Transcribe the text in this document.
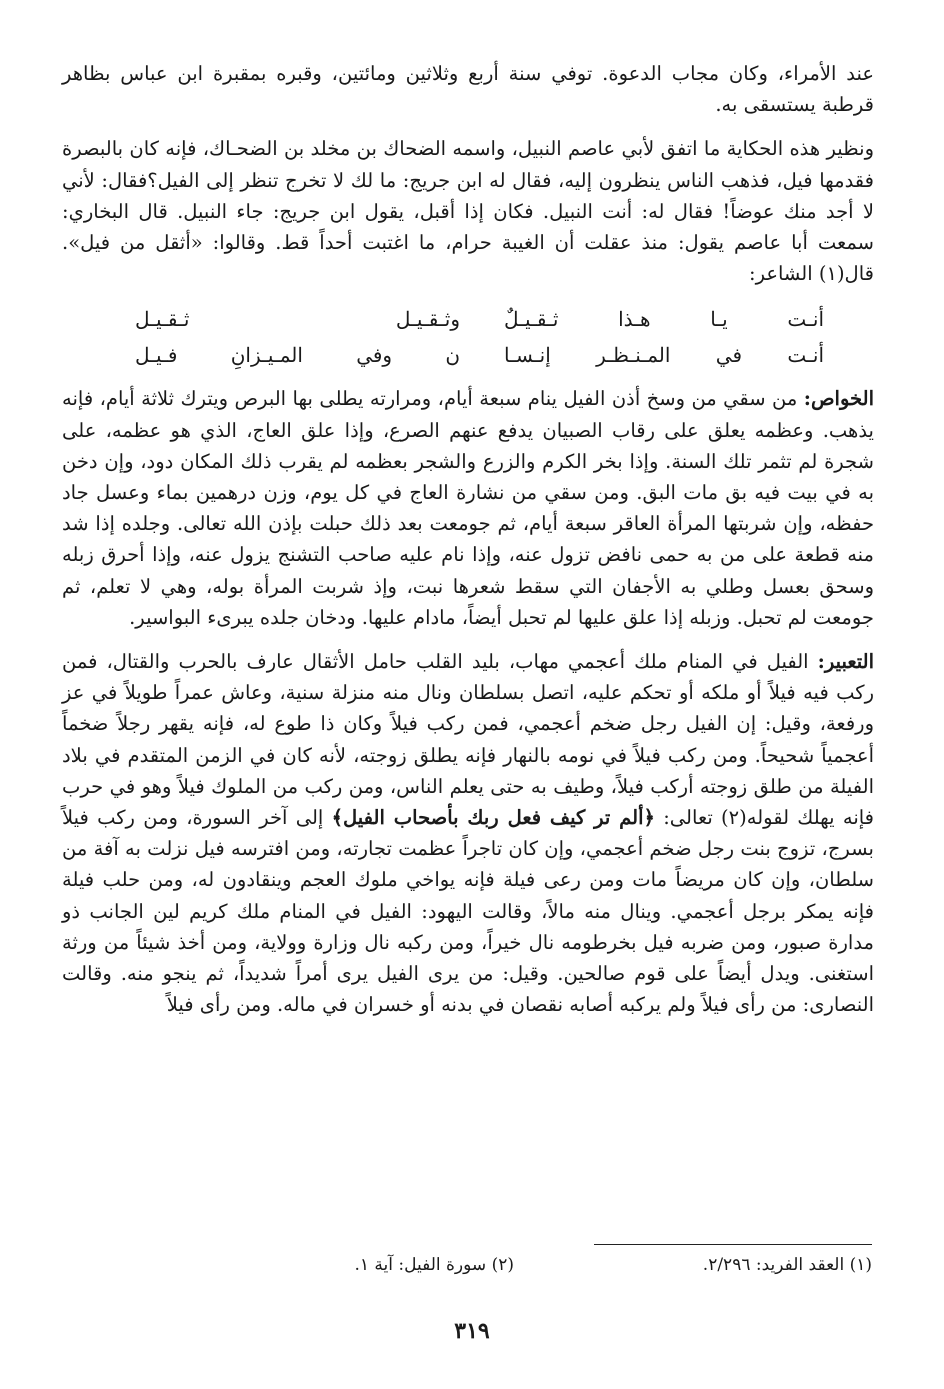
عند الأمراء، وكان مجاب الدعوة. توفي سنة أربع وثلاثين ومائتين، وقبره بمقبرة ابن عباس بظاهر قرطبة يستسقى به.

ونظير هذه الحكاية ما اتفق لأبي عاصم النبيل، واسمه الضحاك بن مخلد بن الضحـاك، فإنه كان بالبصرة فقدمها فيل، فذهب الناس ينظرون إليه، فقال له ابن جريج: ما لك لا تخرج تنظر إلى الفيل؟فقال: لأني لا أجد منك عوضاً! فقال له: أنت النبيل. فكان إذا أقبل، يقول ابن جريج: جاء النبيل. قال البخاري: سمعت أبا عاصم يقول: منذ عقلت أن الغيبة حرام، ما اغتبت أحداً قط. وقالوا: «أثقل من فيل». قال(١) الشاعر:

أنـت
يـا
هـذا
ثـقـيـلٌ
وثـقـيـل
ثـقـيـل
أنـت
في
المـنـظـر
إنـسـا
ن
وفي
المـيـزانِ
فـيـل

الخواص: من سقي من وسخ أذن الفيل ينام سبعة أيام، ومرارته يطلى بها البرص ويترك ثلاثة أيام، فإنه يذهب. وعظمه يعلق على رقاب الصبيان يدفع عنهم الصرع، وإذا علق العاج، الذي هو عظمه، على شجرة لم تثمر تلك السنة. وإذا بخر الكرم والزرع والشجر بعظمه لم يقرب ذلك المكان دود، وإن دخن به في بيت فيه بق مات البق. ومن سقي من نشارة العاج في كل يوم، وزن درهمين بماء وعسل جاد حفظه، وإن شربتها المرأة العاقر سبعة أيام، ثم جومعت بعد ذلك حبلت بإذن الله تعالى. وجلده إذا شد منه قطعة على من به حمى نافض تزول عنه، وإذا نام عليه صاحب التشنج يزول عنه، وإذا أحرق زبله وسحق بعسل وطلي به الأجفان التي سقط شعرها نبت، وإذ شربت المرأة بوله، وهي لا تعلم، ثم جومعت لم تحبل. وزبله إذا علق عليها لم تحبل أيضاً، مادام عليها. ودخان جلده يبرىء البواسير.

التعبير: الفيل في المنام ملك أعجمي مهاب، بليد القلب حامل الأثقال عارف بالحرب والقتال، فمن ركب فيه فيلاً أو ملكه أو تحكم عليه، اتصل بسلطان ونال منه منزلة سنية، وعاش عمراً طويلاً في عز ورفعة، وقيل: إن الفيل رجل ضخم أعجمي، فمن ركب فيلاً وكان ذا طوع له، فإنه يقهر رجلاً ضخماً أعجمياً شحيحاً. ومن ركب فيلاً في نومه بالنهار فإنه يطلق زوجته، لأنه كان في الزمن المتقدم في بلاد الفيلة من طلق زوجته أركب فيلاً، وطيف به حتى يعلم الناس، ومن ركب من الملوك فيلاً وهو في حرب فإنه يهلك لقوله(٢) تعالى: ﴿ألم تر كيف فعل ربك بأصحاب الفيل﴾ إلى آخر السورة، ومن ركب فيلاً بسرج، تزوج بنت رجل ضخم أعجمي، وإن كان تاجراً عظمت تجارته، ومن افترسه فيل نزلت به آفة من سلطان، وإن كان مريضاً مات ومن رعى فيلة فإنه يواخي ملوك العجم وينقادون له، ومن حلب فيلة فإنه يمكر برجل أعجمي. وينال منه مالاً، وقالت اليهود: الفيل في المنام ملك كريم لين الجانب ذو مدارة صبور، ومن ضربه فيل بخرطومه نال خيراً، ومن ركبه نال وزارة وولاية، ومن أخذ شيئاً من ورثة استغنى. ويدل أيضاً على قوم صالحين. وقيل: من يرى الفيل يرى أمراً شديداً، ثم ينجو منه. وقالت النصارى: من رأى فيلاً ولم يركبه أصابه نقصان في بدنه أو خسران في ماله. ومن رأى فيلاً

(١) العقد الفريد: ٢/٢٩٦.
(٢) سورة الفيل: آية ١.
٣١٩
